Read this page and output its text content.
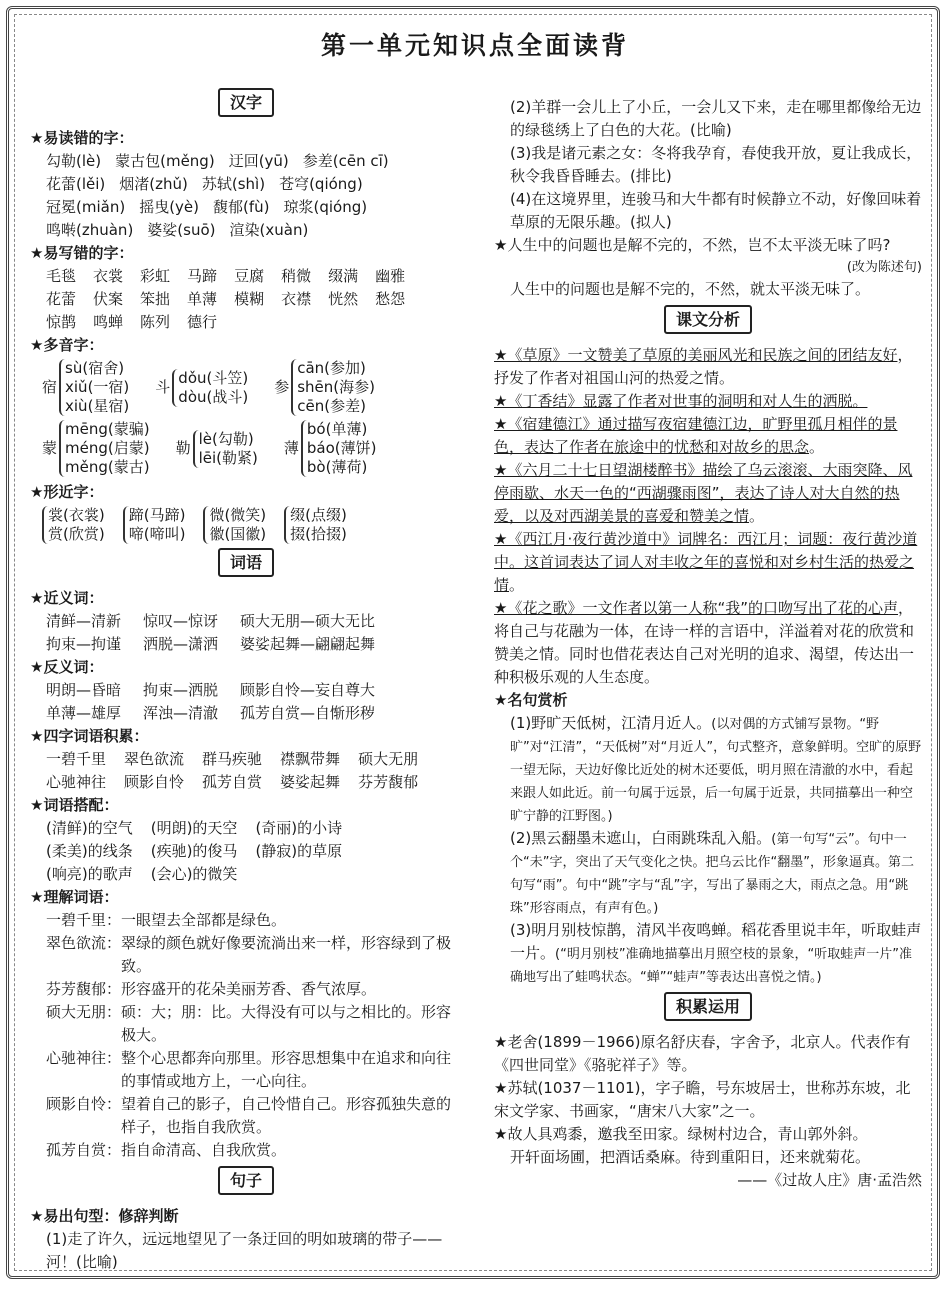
第一单元知识点全面读背
汉字
★易读错的字：
勾勒(lè) 蒙古包(měng) 迂回(yū) 参差(cēn cī)
花蕾(lěi) 烟渚(zhǔ) 苏轼(shì) 苍穹(qióng)
冠冕(miǎn) 摇曳(yè) 馥郁(fù) 琼浆(qióng)
鸣啭(zhuàn) 婆娑(suō) 渲染(xuàn)
★易写错的字：
毛毯 衣裳 彩虹 马蹄 豆腐 稍微 缀满 幽雅
花蕾 伏案 笨拙 单薄 模糊 衣襟 恍然 愁怨
惊鹊 鸣蝉 陈列 德行
★多音字：
宿
sù(宿舍)
xiǔ(一宿)
xiù(星宿)
斗
dǒu(斗笠)
dòu(战斗)
参
cān(参加)
shēn(海参)
cēn(参差)
蒙
mēng(蒙骗)
méng(启蒙)
měng(蒙古)
勒
lè(勾勒)
lēi(勒紧)
薄
bó(单薄)
báo(薄饼)
bò(薄荷)
★形近字：
裳(衣裳)
赏(欣赏)
蹄(马蹄)
啼(啼叫)
微(微笑)
徽(国徽)
缀(点缀)
掇(拾掇)
词语
★近义词：
清鲜—清新 惊叹—惊讶 硕大无朋—硕大无比
拘束—拘谨 洒脱—潇洒 婆娑起舞—翩翩起舞
★反义词：
明朗—昏暗 拘束—洒脱 顾影自怜—妄自尊大
单薄—雄厚 浑浊—清澈 孤芳自赏—自惭形秽
★四字词语积累：
一碧千里 翠色欲流 群马疾驰 襟飘带舞 硕大无朋
心驰神往 顾影自怜 孤芳自赏 婆娑起舞 芬芳馥郁
★词语搭配：
(清鲜)的空气 (明朗)的天空 (奇丽)的小诗
(柔美)的线条 (疾驰)的俊马 (静寂)的草原
(响亮)的歌声 (会心)的微笑
★理解词语：
一碧千里： 一眼望去全部都是绿色。
翠色欲流： 翠绿的颜色就好像要流淌出来一样，形容绿到了极致。
芬芳馥郁： 形容盛开的花朵美丽芳香、香气浓厚。
硕大无朋： 硕：大；朋：比。大得没有可以与之相比的。形容极大。
心驰神往： 整个心思都奔向那里。形容思想集中在追求和向往的事情或地方上，一心向往。
顾影自怜： 望着自己的影子，自己怜惜自己。形容孤独失意的样子，也指自我欣赏。
孤芳自赏： 指自命清高、自我欣赏。
句子
★易出句型：修辞判断
(1)走了许久，远远地望见了一条迂回的明如玻璃的带子——河！(比喻)
(2)羊群一会儿上了小丘，一会儿又下来，走在哪里都像给无边的绿毯绣上了白色的大花。(比喻)
(3)我是诸元素之女：冬将我孕育，春使我开放，夏让我成长，秋令我昏昏睡去。(排比)
(4)在这境界里，连骏马和大牛都有时候静立不动，好像回味着草原的无限乐趣。(拟人)
★人生中的问题也是解不完的，不然，岂不太平淡无味了吗?
(改为陈述句)
人生中的问题也是解不完的，不然，就太平淡无味了。
课文分析
★《草原》一文赞美了草原的美丽风光和民族之间的团结友好，抒发了作者对祖国山河的热爱之情。
★《丁香结》显露了作者对世事的洞明和对人生的洒脱。
★《宿建德江》通过描写夜宿建德江边，旷野里孤月相伴的景色，表达了作者在旅途中的忧愁和对故乡的思念。
★《六月二十七日望湖楼醉书》描绘了乌云滚滚、大雨突降、风停雨歇、水天一色的“西湖骤雨图”，表达了诗人对大自然的热爱，以及对西湖美景的喜爱和赞美之情。
★《西江月·夜行黄沙道中》词牌名：西江月；词题：夜行黄沙道中。这首词表达了词人对丰收之年的喜悦和对乡村生活的热爱之情。
★《花之歌》一文作者以第一人称“我”的口吻写出了花的心声，将自己与花融为一体，在诗一样的言语中，洋溢着对花的欣赏和赞美之情。同时也借花表达自己对光明的追求、渴望，传达出一种积极乐观的人生态度。
★名句赏析
(1)野旷天低树，江清月近人。(以对偶的方式铺写景物。“野旷”对“江清”，“天低树”对“月近人”，句式整齐，意象鲜明。空旷的原野一望无际，天边好像比近处的树木还要低，明月照在清澈的水中，看起来跟人如此近。前一句属于远景，后一句属于近景，共同描摹出一种空旷宁静的江野图。)
(2)黑云翻墨未遮山，白雨跳珠乱入船。(第一句写“云”。句中一个“未”字，突出了天气变化之快。把乌云比作“翻墨”，形象逼真。第二句写“雨”。句中“跳”字与“乱”字，写出了暴雨之大，雨点之急。用“跳珠”形容雨点，有声有色。)
(3)明月别枝惊鹊，清风半夜鸣蝉。稻花香里说丰年，听取蛙声一片。(“明月别枝”准确地描摹出月照空枝的景象，“听取蛙声一片”准确地写出了蛙鸣状态。“蝉”“蛙声”等表达出喜悦之情。)
积累运用
★老舍(1899－1966)原名舒庆春，字舍予，北京人。代表作有《四世同堂》《骆驼祥子》等。
★苏轼(1037－1101)，字子瞻，号东坡居士，世称苏东坡，北宋文学家、书画家，“唐宋八大家”之一。
★故人具鸡黍，邀我至田家。绿树村边合，青山郭外斜。
开轩面场圃，把酒话桑麻。待到重阳日，还来就菊花。
——《过故人庄》唐·孟浩然
